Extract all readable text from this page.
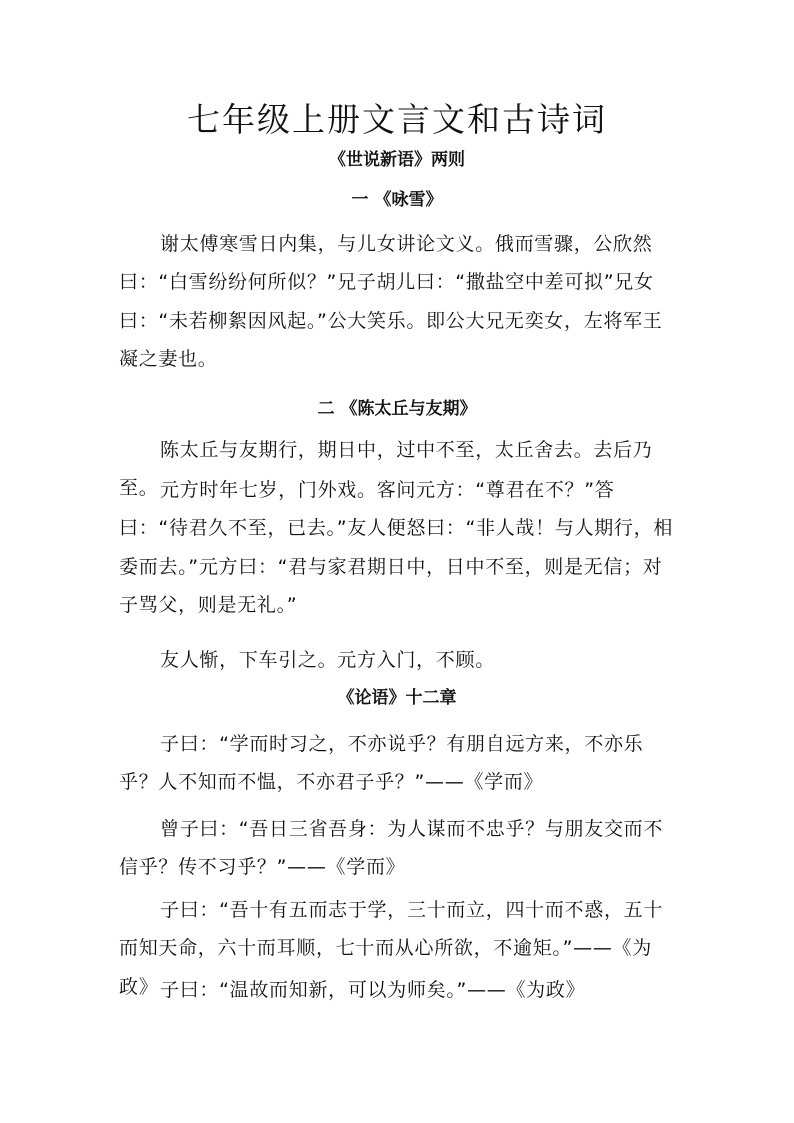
七年级上册文言文和古诗词
《世说新语》两则
一 《咏雪》
谢太傅寒雪日内集，与儿女讲论文义。俄而雪骤，公欣然曰：“白雪纷纷何所似？”兄子胡儿曰：“撒盐空中差可拟”兄女曰：“未若柳絮因风起。”公大笑乐。即公大兄无奕女，左将军王凝之妻也。
二 《陈太丘与友期》
陈太丘与友期行，期日中，过中不至，太丘舍去。去后乃至。 元方时年七岁，门外戏。客问元方：“尊君在不？”答曰：“待君久不至，已去。”友人便怒曰：“非人哉！与人期行，相委而去。”元方曰：“君与家君期日中，日中不至，则是无信；对子骂父，则是无礼。”
友人惭，下车引之。元方入门，不顾。
《论语》十二章
子曰：“学而时习之，不亦说乎？有朋自远方来，不亦乐乎？人不知而不愠，不亦君子乎？”——《学而》
曾子曰：“吾日三省吾身：为人谋而不忠乎？与朋友交而不信乎？传不习乎？”——《学而》
子曰：“吾十有五而志于学，三十而立，四十而不惑，五十而知天命，六十而耳顺，七十而从心所欲，不逾矩。”——《为政》 子曰：“温故而知新，可以为师矣。”——《为政》
